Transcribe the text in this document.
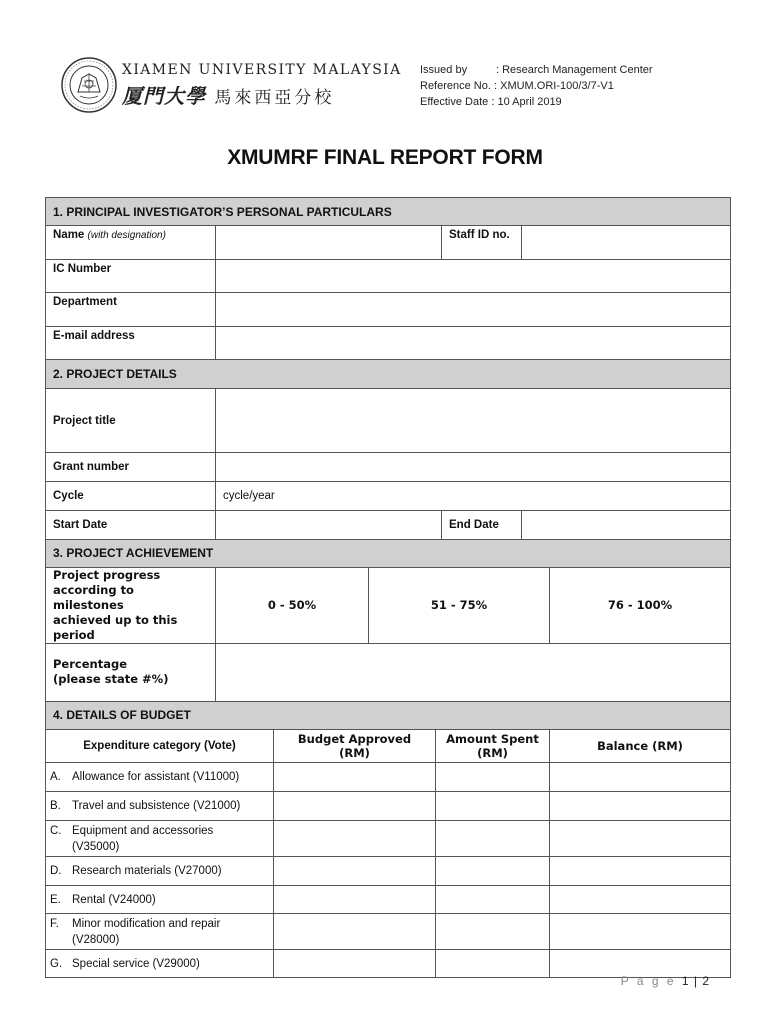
XIAMEN UNIVERSITY MALAYSIA
厦門大學 馬來西亞分校
Issued by	: Research Management Center
Reference No. : XMUM.ORI-100/3/7-V1
Effective Date : 10 April 2019
XMUMRF FINAL REPORT FORM
1. PRINCIPAL INVESTIGATOR’S PERSONAL PARTICULARS			
Name (with designation)		Staff ID no.	
IC Number			
Department			
E-mail address			
2. PROJECT DETAILS			
Project title			
Grant number			
Cycle	cycle/year		
Start Date		End Date	
3. PROJECT ACHIEVEMENT			

Project progress
according to milestones
achieved up to this period	0 - 50%	51 - 75%	76 - 100%

Percentage
(please state #%)			

4. DETAILS OF BUDGET			
Expenditure category (Vote)	Budget Approved (RM)	Amount Spent
(RM)	Balance (RM)

A. Allowance for assistant (V11000)			

B. Travel and subsistence (V21000)			

C. Equipment and accessories
(V35000)			

D. Research materials (V27000)			

E. Rental (V24000)			

F. Minor modification and repair
(V28000)			

G. Special service (V29000)			

P a g e 1 | 2
